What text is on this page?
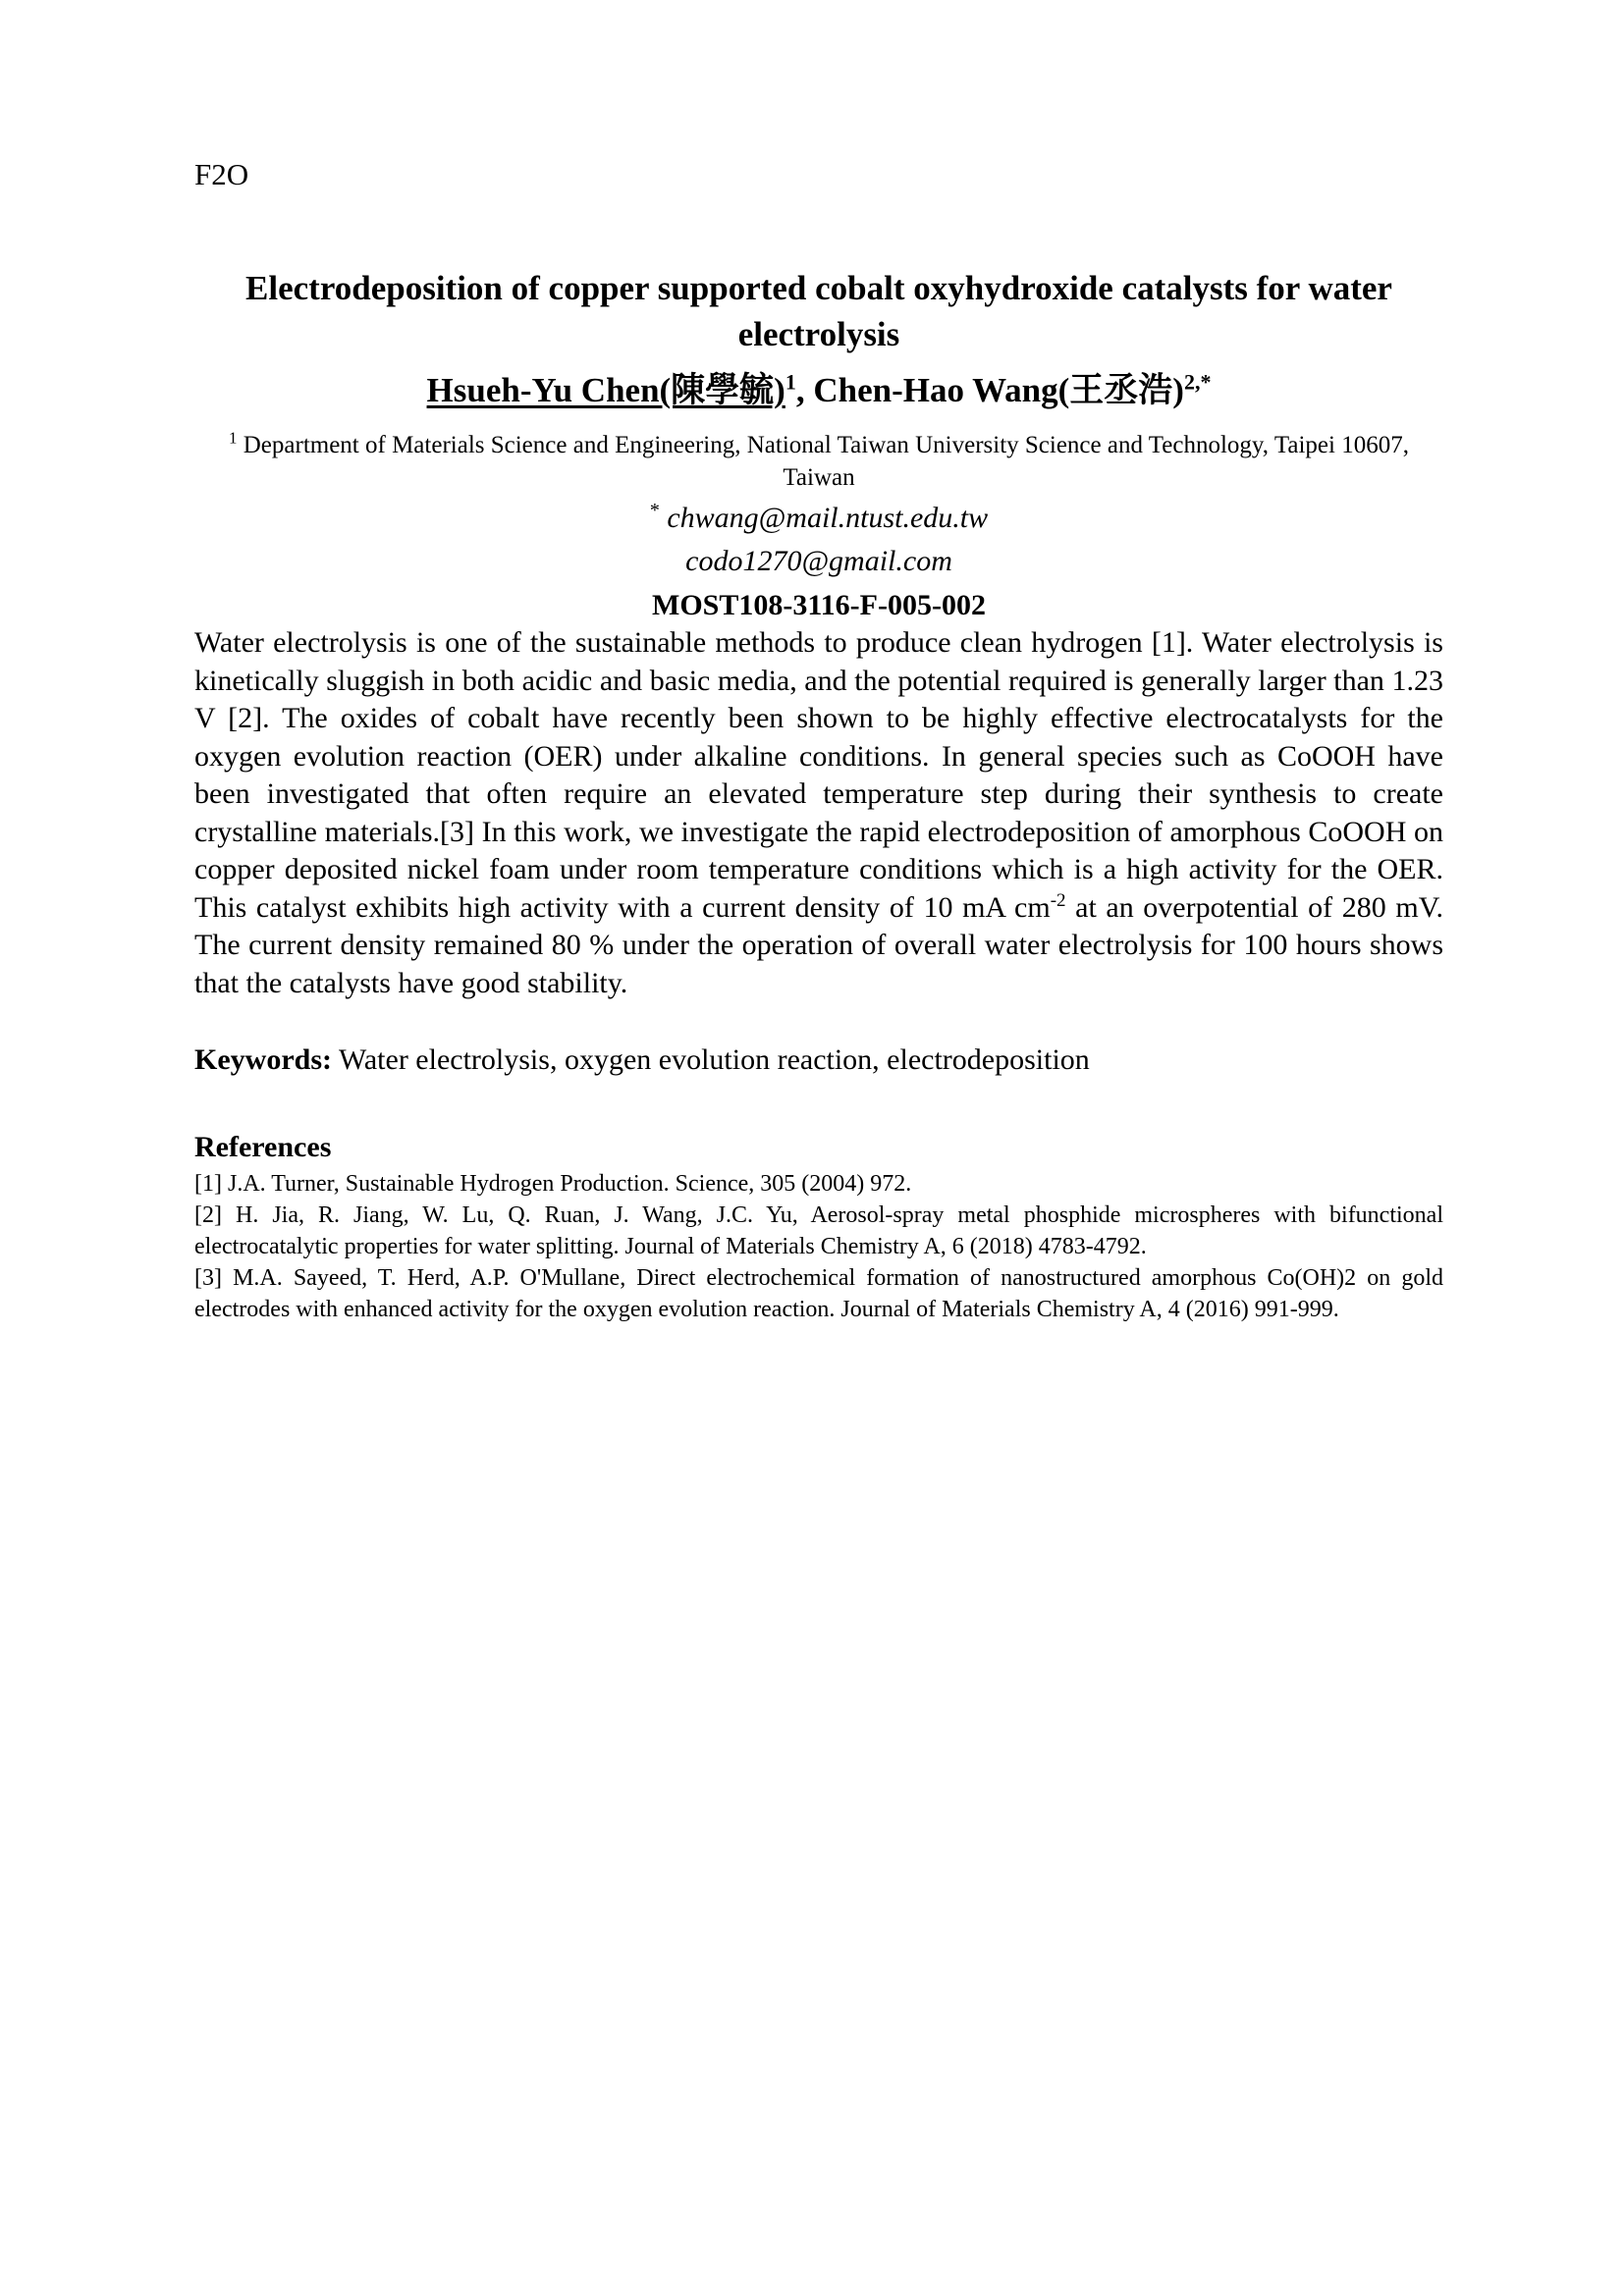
F2O
Electrodeposition of copper supported cobalt oxyhydroxide catalysts for water electrolysis
Hsueh-Yu Chen(陳學毓)$^1$, Chen-Hao Wang(王丞浩)$^{2,*}$
$^1$ Department of Materials Science and Engineering, National Taiwan University Science and Technology, Taipei 10607, Taiwan
* chwang@mail.ntust.edu.tw
codo1270@gmail.com
MOST108-3116-F-005-002

Water electrolysis is one of the sustainable methods to produce clean hydrogen [1]. Water electrolysis is kinetically sluggish in both acidic and basic media, and the potential required is generally larger than 1.23 V [2]. The oxides of cobalt have recently been shown to be highly effective electrocatalysts for the oxygen evolution reaction (OER) under alkaline conditions. In general species such as CoOOH have been investigated that often require an elevated temperature step during their synthesis to create crystalline materials.[3] In this work, we investigate the rapid electrodeposition of amorphous CoOOH on copper deposited nickel foam under room temperature conditions which is a high activity for the OER. This catalyst exhibits high activity with a current density of 10 mA $cm^{-2}$ at an overpotential of 280 mV. The current density remained 80 % under the operation of overall water electrolysis for 100 hours shows that the catalysts have good stability.

Keywords: Water electrolysis, oxygen evolution reaction, electrodeposition
References

[1] J.A. Turner, Sustainable Hydrogen Production. Science, 305 (2004) 972.

[2] H. Jia, R. Jiang, W. Lu, Q. Ruan, J. Wang, J.C. Yu, Aerosol-spray metal phosphide microspheres with bifunctional electrocatalytic properties for water splitting. Journal of Materials Chemistry A, 6 (2018) 4783-4792.

[3] M.A. Sayeed, T. Herd, A.P. O'Mullane, Direct electrochemical formation of nanostructured amorphous Co(OH)2 on gold electrodes with enhanced activity for the oxygen evolution reaction. Journal of Materials Chemistry A, 4 (2016) 991-999.
